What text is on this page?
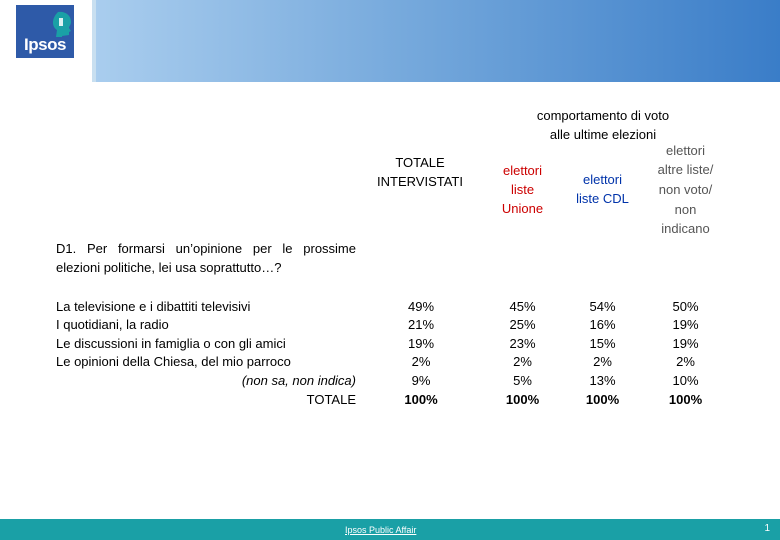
Ipsos
comportamento di voto
alle ultime elezioni
TOTALE
INTERVISTATI
elettori
liste
Unione
elettori
liste CDL
elettori
altre liste/
non voto/
non
indicano
D1. Per formarsi un’opinione per le prossime elezioni politiche, lei usa soprattutto…?
La televisione e i dibattiti televisivi	49%	45%	54%	50%
I quotidiani, la radio	21%	25%	16%	19%
Le discussioni in famiglia o con gli amici	19%	23%	15%	19%
Le opinioni della Chiesa, del mio parroco	2%	2%	2%	2%
(non sa, non indica)	9%	5%	13%	10%
TOTALE	100%	100%	100%	100%
Ipsos Public Affair	1
